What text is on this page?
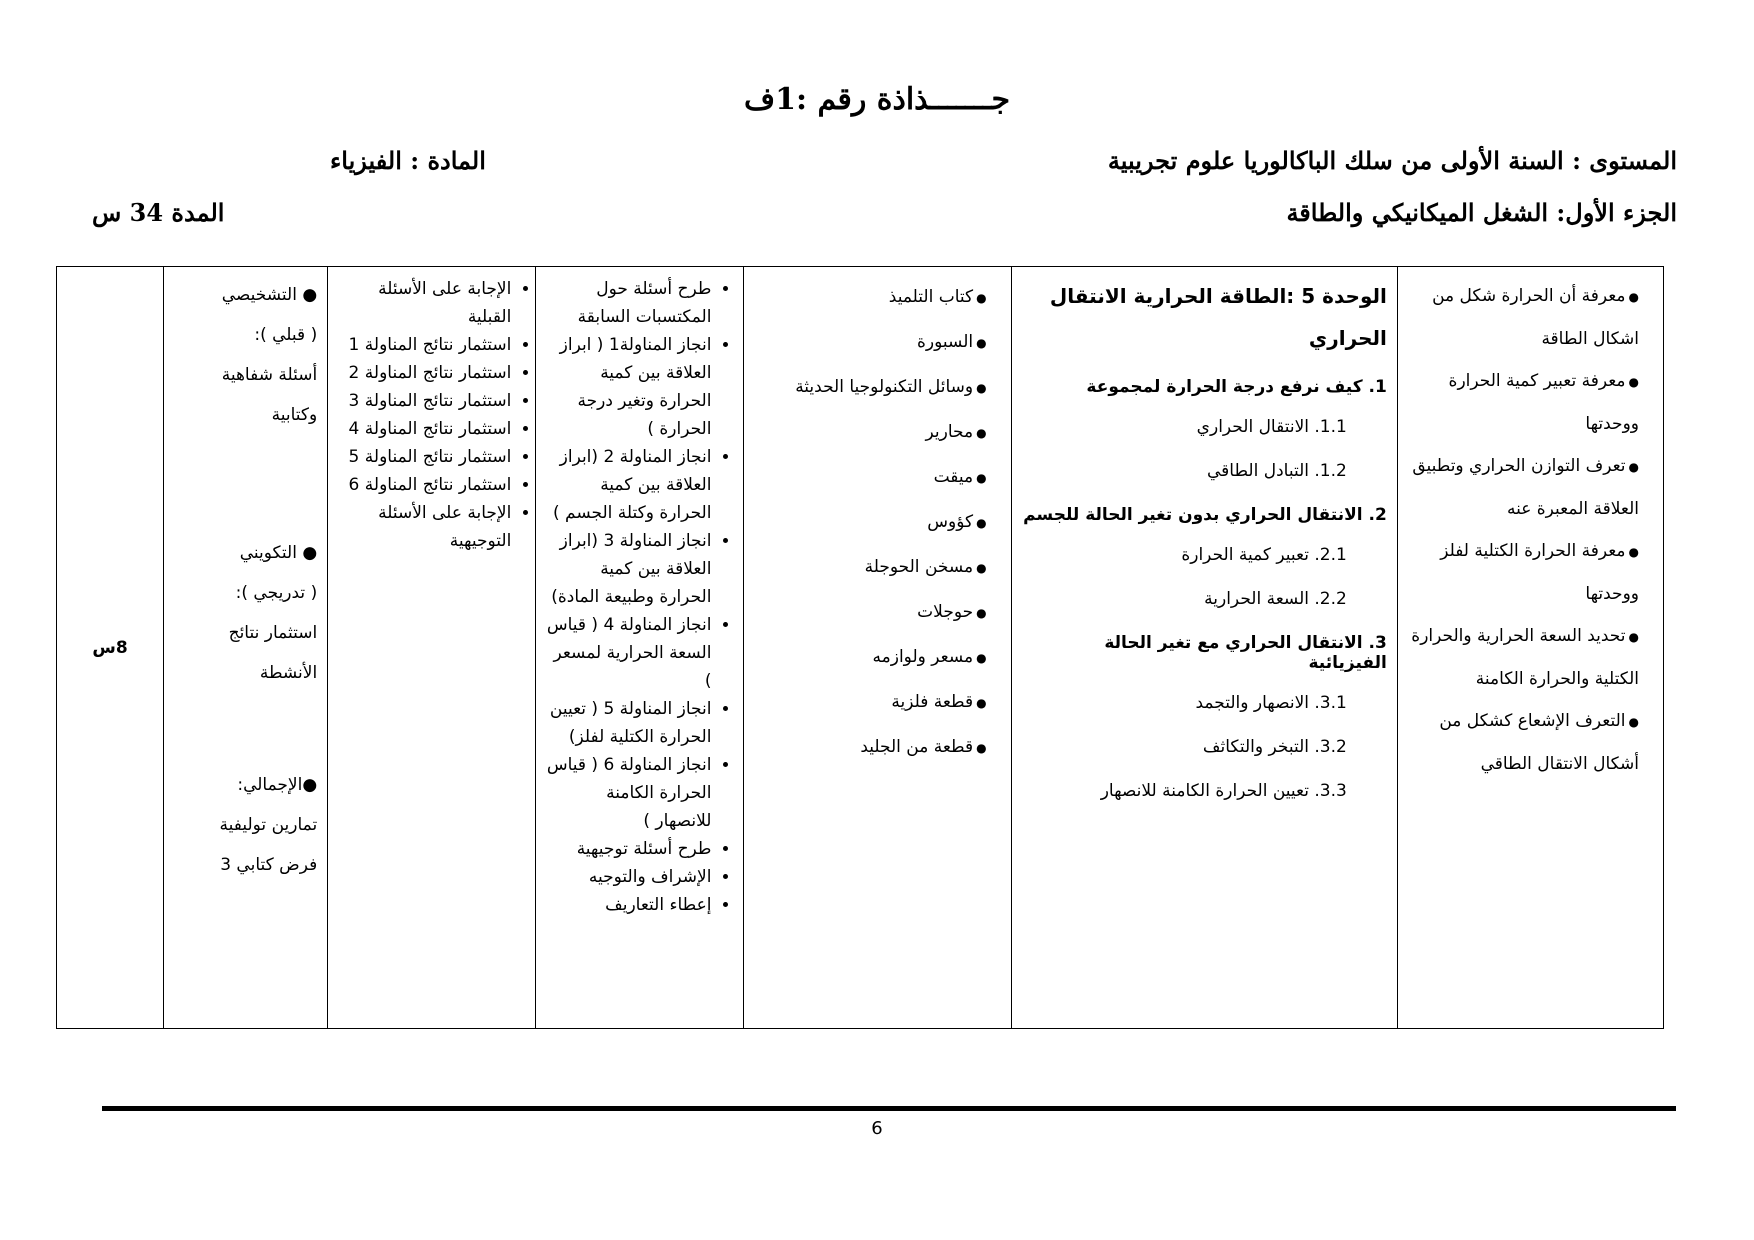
جـــــــذاذة رقم :1ف
المستوى : السنة الأولى من سلك الباكالوريا علوم تجريبية
المادة : الفيزياء
الجزء الأول: الشغل الميكانيكي والطاقة
المدة 34 س
● معرفة أن الحرارة شكل من اشكال الطاقة
● معرفة تعبير كمية الحرارة ووحدتها
● تعرف التوازن الحراري وتطبيق العلاقة المعبرة عنه
● معرفة الحرارة الكتلية لفلز ووحدتها
● تحديد السعة الحرارية والحرارة الكتلية والحرارة الكامنة
● التعرف الإشعاع كشكل من أشكال الانتقال الطاقي

الوحدة 5 :الطاقة الحرارية الانتقال الحراري
1. كيف نرفع درجة الحرارة لمجموعة
1.1. الانتقال الحراري
1.2. التبادل الطاقي
2. الانتقال الحراري بدون تغير الحالة للجسم
2.1. تعبير كمية الحرارة
2.2. السعة الحرارية
3. الانتقال الحراري مع تغير الحالة الفيزيائية
3.1. الانصهار والتجمد
3.2. التبخر والتكاثف
3.3. تعيين الحرارة الكامنة للانصهار

● كتاب التلميذ
● السبورة
● وسائل التكنولوجيا الحديثة
● محارير
● ميقت
● كؤوس
● مسخن الحوجلة
● حوجلات
● مسعر ولوازمه
● قطعة فلزية
● قطعة من الجليد

• طرح أسئلة حول المكتسبات السابقة
• انجاز المناولة1 ( ابراز العلاقة بين كمية الحرارة وتغير درجة الحرارة )
• انجاز المناولة 2 (ابراز العلاقة بين كمية الحرارة وكتلة الجسم )
• انجاز المناولة 3 (ابراز العلاقة بين كمية الحرارة وطبيعة المادة)
• انجاز المناولة 4 ( قياس السعة الحرارية لمسعر )
• انجاز المناولة 5 ( تعيين الحرارة الكتلية لفلز)
• انجاز المناولة 6 ( قياس الحرارة الكامنة للانصهار )
• طرح أسئلة توجيهية
• الإشراف والتوجيه
• إعطاء التعاريف

• الإجابة على الأسئلة القبلية
• استثمار نتائج المناولة 1
• استثمار نتائج المناولة 2
• استثمار نتائج المناولة 3
• استثمار نتائج المناولة 4
• استثمار نتائج المناولة 5
• استثمار نتائج المناولة 6
• الإجابة على الأسئلة التوجيهية

● التشخيصي

( قبلي ):

أسئلة شفاهية

وكتابية

● التكويني

( تدريجي ):

استثمار نتائج

الأنشطة

●الإجمالي:

تمارين توليفية

فرض كتابي 3

	8س
6
